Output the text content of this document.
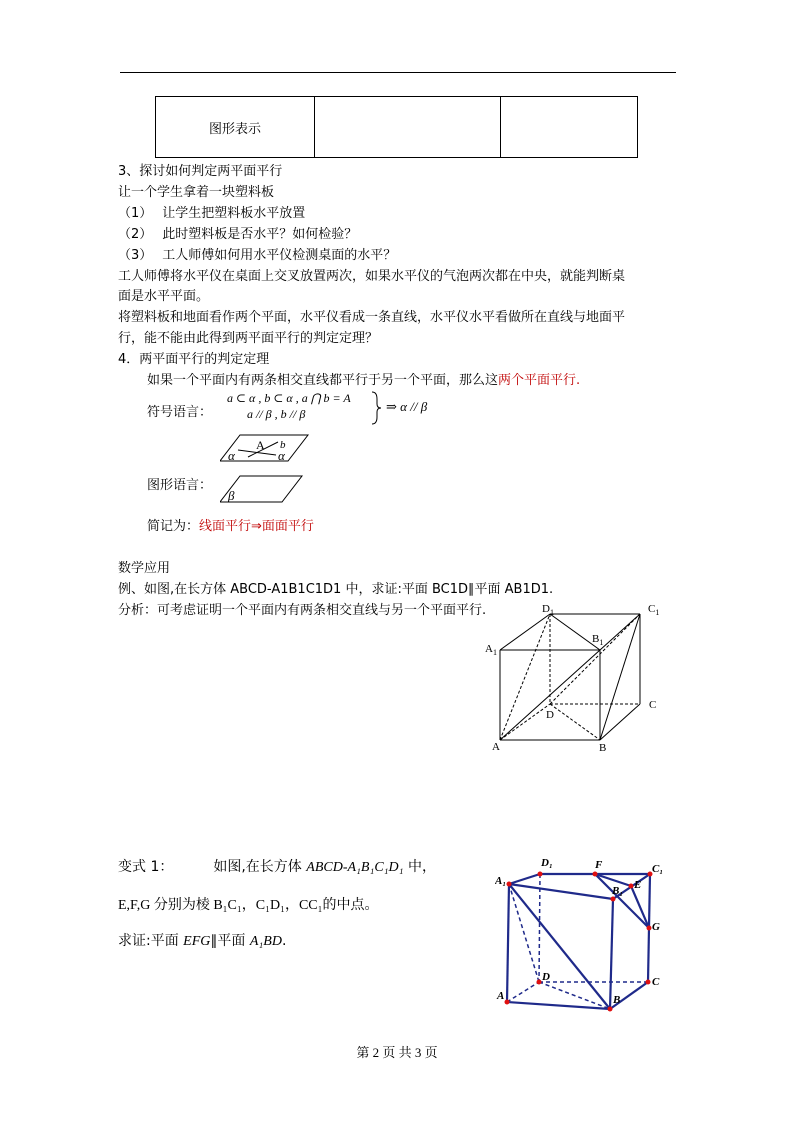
图形表示		
3、探讨如何判定两平面平行
让一个学生拿着一块塑料板
（1） 让学生把塑料板水平放置
（2） 此时塑料板是否水平？如何检验？
（3） 工人师傅如何用水平仪检测桌面的水平？
工人师傅将水平仪在桌面上交叉放置两次，如果水平仪的气泡两次都在中央，就能判断桌
面是水平平面。
将塑料板和地面看作两个平面，水平仪看成一条直线，水平仪水平看做所在直线与地面平
行，能不能由此得到两平面平行的判定定理？
4．两平面平行的判定定理
如果一个平面内有两条相交直线都平行于另一个平面，那么这两个平面平行.
符号语言：
a ⊂ α , b ⊂ α , a ⋂ b = A
a // β , b // β	⇒ α // β
A b
α	α
β
图形语言：
简记为：线面平行⇒面面平行
数学应用
例、如图,在长方体 ABCD-A1B1C1D1 中，求证:平面 BC1D∥平面 AB1D1.
分析：可考虑证明一个平面内有两条相交直线与另一个平面平行.	$D_1$	$C_1$
$A_1$
$B_1$
D
C
A	B
变式 1：	如图,在长方体 ABCD-A₁B₁C₁D₁ 中，
E,F,G 分别为棱 B₁C₁，C₁D₁，CC₁的中点。
求证:平面 EFG∥平面 A₁BD.
D₁	F	C₁
A₁
B₁ E
G
D	C
A	B
第 2 页 共 3 页
